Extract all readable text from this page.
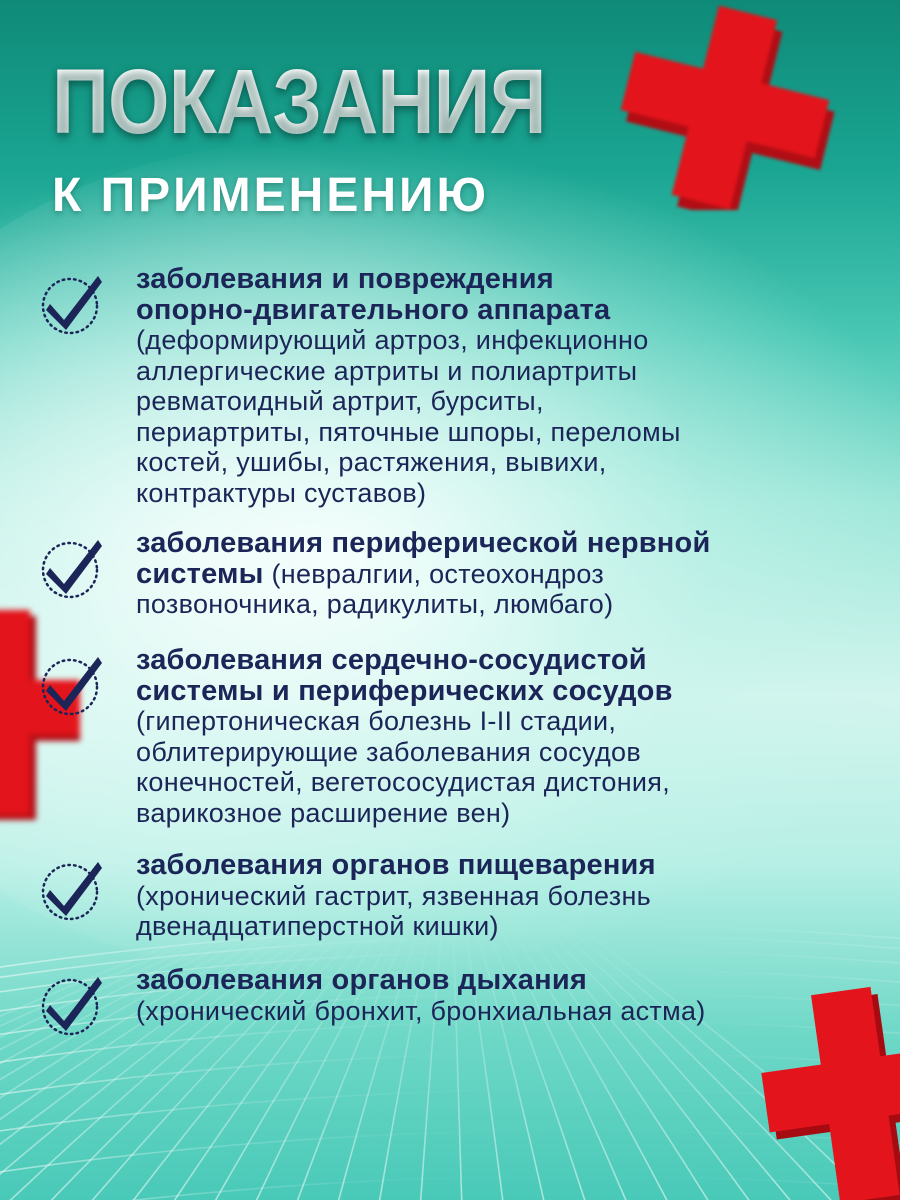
ПОКАЗАНИЯ
К ПРИМЕНЕНИЮ
заболевания и повреждения
опорно-двигательного аппарата
(деформирующий артроз, инфекционно
аллергические артриты и полиартриты
ревматоидный артрит, бурситы,
периартриты, пяточные шпоры, переломы
костей, ушибы, растяжения, вывихи,
контрактуры суставов)
заболевания периферической нервной
системы (невралгии, остеохондроз
позвоночника, радикулиты, люмбаго)
заболевания сердечно-сосудистой
системы и периферических сосудов
(гипертоническая болезнь I-II стадии,
облитерирующие заболевания сосудов
конечностей, вегетососудистая дистония,
варикозное расширение вен)
заболевания органов пищеварения
(хронический гастрит, язвенная болезнь
двенадцатиперстной кишки)
заболевания органов дыхания
(хронический бронхит, бронхиальная астма)
